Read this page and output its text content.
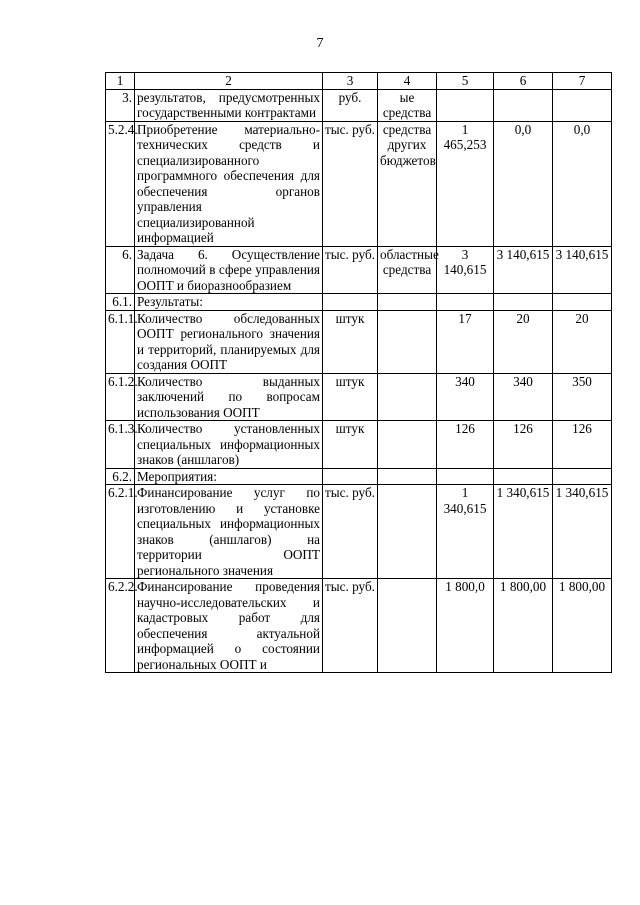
7
1	2	3	4	5	6	7
3.	результатов, предусмотренных государственными контрактами	руб.	ые средства			
5.2.4.	Приобретение материально-технических средств и специализированного программного обеспечения для обеспечения органов управления специализированной информацией	тыс. руб.	средства других бюджетов	1 465,253	0,0	0,0
6.	Задача 6. Осуществление полномочий в сфере управления ООПТ и биоразнообразием	тыс. руб.	областные средства	3 140,615	3 140,615	3 140,615
6.1.	Результаты:					
6.1.1.	Количество обследованных ООПТ регионального значения и территорий, планируемых для создания ООПТ	штук		17	20	20
6.1.2.	Количество выданных заключений по вопросам использования ООПТ	штук		340	340	350
6.1.3.	Количество установленных специальных информационных знаков (аншлагов)	штук		126	126	126
6.2.	Мероприятия:					
6.2.1.	Финансирование услуг по изготовлению и установке специальных информационных знаков (аншлагов) на территории ООПТ регионального значения	тыс. руб.		1 340,615	1 340,615	1 340,615
6.2.2.	Финансирование проведения научно-исследовательских и кадастровых работ для обеспечения актуальной информацией о состоянии региональных ООПТ и	тыс. руб.		1 800,0	1 800,00	1 800,00
